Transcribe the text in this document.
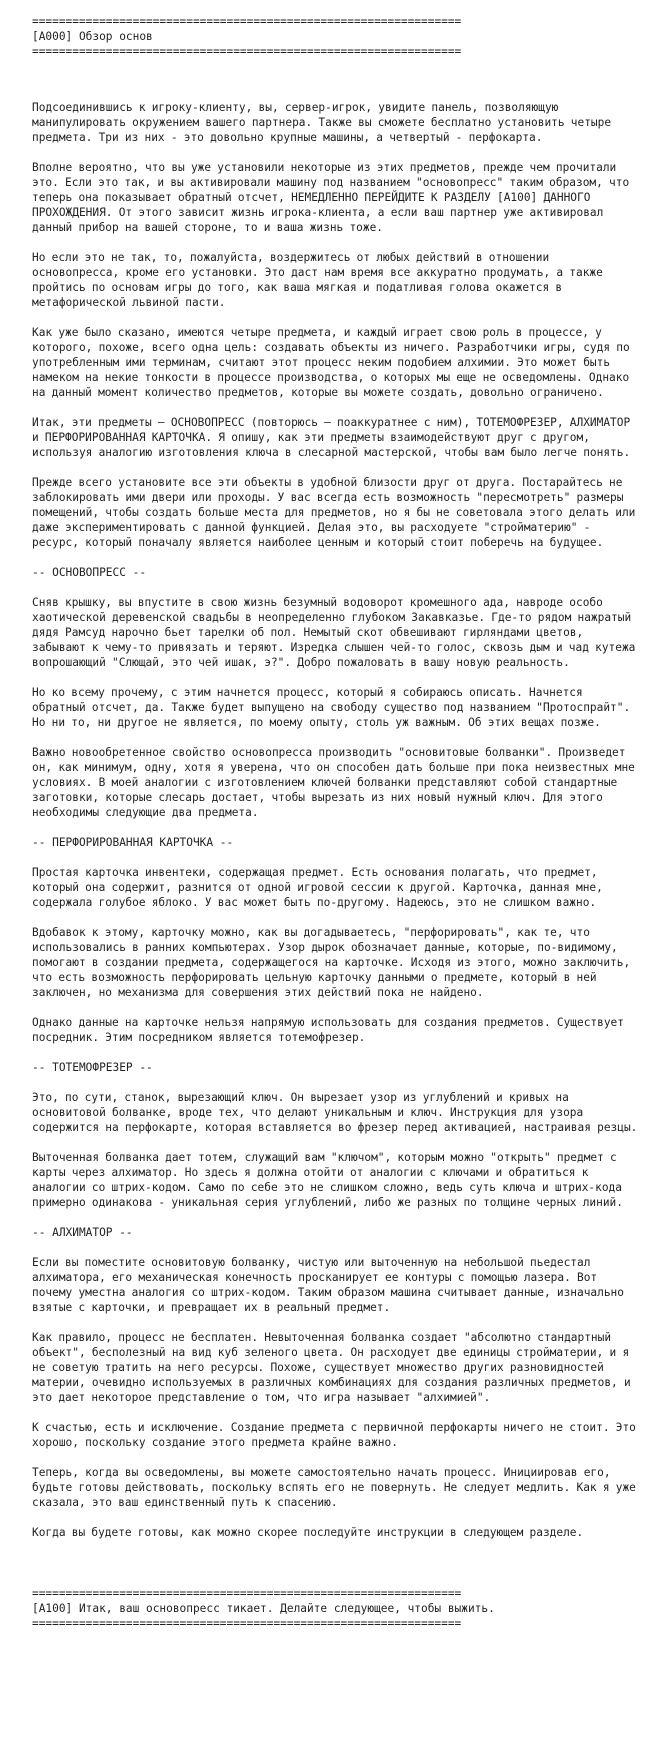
================================================================
[A000] Обзор основ
================================================================

Подсоединившись к игроку-клиенту, вы, сервер-игрок, увидите панель, позволяющую манипулировать окружением вашего партнера. Также вы сможете бесплатно установить четыре предмета. Три из них - это довольно крупные машины, а четвертый - перфокарта.

Вполне вероятно, что вы уже установили некоторые из этих предметов, прежде чем прочитали это. Если это так, и вы активировали машину под названием "основопресс" таким образом, что теперь она показывает обратный отсчет, НЕМЕДЛЕННО ПЕРЕЙДИТЕ К РАЗДЕЛУ [A100] ДАННОГО ПРОХОЖДЕНИЯ. От этого зависит жизнь игрока-клиента, а если ваш партнер уже активировал данный прибор на вашей стороне, то и ваша жизнь тоже.

Но если это не так, то, пожалуйста, воздержитесь от любых действий в отношении основопресса, кроме его установки. Это даст нам время все аккуратно продумать, а также пройтись по основам игры до того, как ваша мягкая и податливая голова окажется в метафорической львиной пасти.

Как уже было сказано, имеются четыре предмета, и каждый играет свою роль в процессе, у которого, похоже, всего одна цель: создавать объекты из ничего. Разработчики игры, судя по употребленным ими терминам, считают этот процесс неким подобием алхимии. Это может быть намеком на некие тонкости в процессе производства, о которых мы еще не осведомлены. Однако на данный момент количество предметов, которые вы можете создать, довольно ограничено.

Итак, эти предметы — ОСНОВОПРЕСС (повторюсь — поаккуратнее с ним), ТОТЕМОФРЕЗЕР, АЛХИМАТОР и ПЕРФОРИРОВАННАЯ КАРТОЧКА. Я опишу, как эти предметы взаимодействуют друг с другом, используя аналогию изготовления ключа в слесарной мастерской, чтобы вам было легче понять.

Прежде всего установите все эти объекты в удобной близости друг от друга. Постарайтесь не заблокировать ими двери или проходы. У вас всегда есть возможность "пересмотреть" размеры помещений, чтобы создать больше места для предметов, но я бы не советовала этого делать или даже экспериментировать с данной функцией. Делая это, вы расходуете "строймaтерию" - ресурс, который поначалу является наиболее ценным и который стоит поберечь на будущее.

-- ОСНОВОПРЕСС --

Сняв крышку, вы впустите в свою жизнь безумный водоворот кромешного ада, навроде особо хаотической деревенской свадьбы в неопределенно глубоком Закавказье. Где-то рядом нажратый дядя Рамсуд нарочно бьет тарелки об пол. Немытый скот обвешивают гирляндами цветов, забывают к чему-то привязать и теряют. Изредка слышен чей-то голос, сквозь дым и чад кутежа вопрошающий "Слющай, это чей ишак, э?". Добро пожаловать в вашу новую реальность.

Но ко всему прочему, с этим начнется процесс, который я собираюсь описать. Начнется обратный отсчет, да. Также будет выпущено на свободу существо под названием "Протоспрайт". Но ни то, ни другое не является, по моему опыту, столь уж важным. Об этих вещах позже.

Важно новообретенное свойство основопресса производить "основитовые болванки". Произведет он, как минимум, одну, хотя я уверена, что он способен дать больше при пока неизвестных мне условиях. В моей аналогии с изготовлением ключей болванки представляют собой стандартные заготовки, которые слесарь достает, чтобы вырезать из них новый нужный ключ. Для этого необходимы следующие два предмета.

-- ПЕРФОРИРОВАННАЯ КАРТОЧКА --

Простая карточка инвентеки, содержащая предмет. Есть основания полагать, что предмет, который она содержит, разнится от одной игровой сессии к другой. Карточка, данная мне, содержала голубое яблоко. У вас может быть по-другому. Надеюсь, это не слишком важно.

Вдобавок к этому, карточку можно, как вы догадываетесь, "перфорировать", как те, что использовались в ранних компьютерах. Узор дырок обозначает данные, которые, по-видимому, помогают в создании предмета, содержащегося на карточке. Исходя из этого, можно заключить, что есть возможность перфорировать цельную карточку данными о предмете, который в ней заключен, но механизма для совершения этих действий пока не найдено.

Однако данные на карточке нельзя напрямую использовать для создания предметов. Существует посредник. Этим посредником является тотемофрезер.

-- ТОТЕМОФРЕЗЕР --

Это, по сути, станок, вырезающий ключ. Он вырезает узор из углублений и кривых на основитовой болванке, вроде тех, что делают уникальным и ключ. Инструкция для узора содержится на перфокарте, которая вставляется во фрезер перед активацией, настраивая резцы.

Выточенная болванка дает тотем, служащий вам "ключом", которым можно "открыть" предмет с карты через алхиматор. Но здесь я должна отойти от аналогии с ключами и обратиться к аналогии со штрих-кодом. Само по себе это не слишком сложно, ведь суть ключа и штрих-кода примерно одинакова - уникальная серия углублений, либо же разных по толщине черных линий.

-- АЛХИМАТОР --

Если вы поместите основитовую болванку, чистую или выточенную на небольшой пьедестал алхиматора, его механическая конечность просканирует ее контуры с помощью лазера. Вот почему уместна аналогия со штрих-кодом. Таким образом машина считывает данные, изначально взятые с карточки, и превращает их в реальный предмет.

Как правило, процесс не бесплатен. Невыточенная болванка создает "абсолютно стандартный объект", бесполезный на вид куб зеленого цвета. Он расходует две единицы строймaтерии, и я не советую тратить на него ресурсы. Похоже, существует множество других разновидностей материи, очевидно используемых в различных комбинациях для создания различных предметов, и это дает некоторое представление о том, что игра называет "алхимией".

К счастью, есть и исключение. Создание предмета с первичной перфокарты ничего не стоит. Это хорошо, поскольку создание этого предмета крайне важно.

Теперь, когда вы осведомлены, вы можете самостоятельно начать процесс. Инициировав его, будьте готовы действовать, поскольку вспять его не повернуть. Не следует медлить. Как я уже сказала, это ваш единственный путь к спасению.

Когда вы будете готовы, как можно скорее последуйте инструкции в следующем разделе.

================================================================
[A100] Итак, ваш основопресс тикает. Делайте следующее, чтобы выжить.
================================================================
